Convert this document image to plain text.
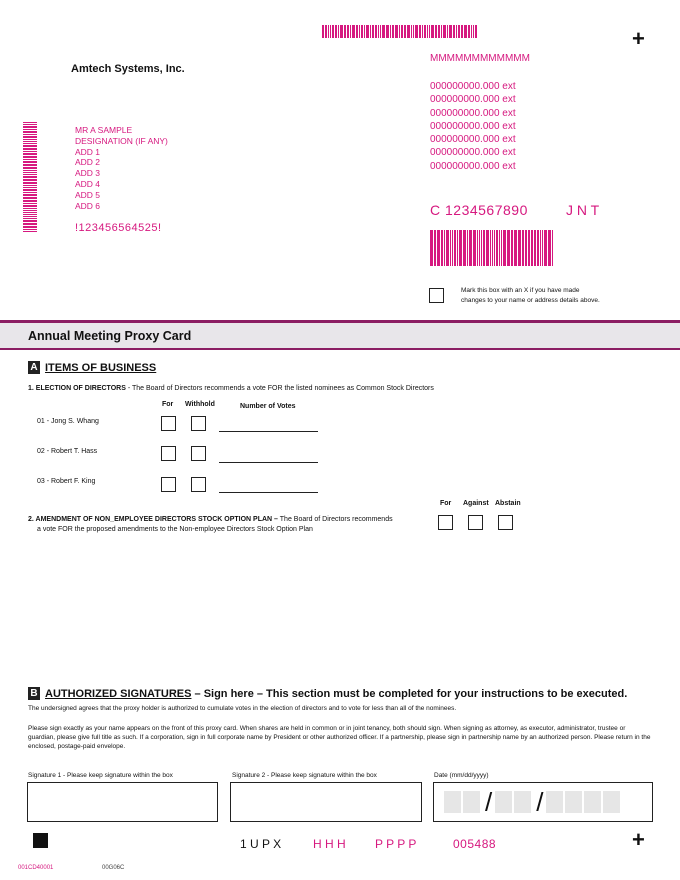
+
Amtech Systems, Inc.
MMMMMMMMMMMM
000000000.000 ext
000000000.000 ext
000000000.000 ext
000000000.000 ext
000000000.000 ext
000000000.000 ext
000000000.000 ext
MR A SAMPLE
DESIGNATION (IF ANY)
ADD 1
ADD 2
ADD 3
ADD 4
ADD 5
ADD 6
!123456564525!
C 1234567890	J N T
Mark this box with an X if you have made
changes to your name or address details above.
Annual Meeting Proxy Card
A ITEMS OF BUSINESS
1. ELECTION OF DIRECTORS - The Board of Directors recommends a vote FOR the listed nominees as Common Stock Directors
For Withhold	Number of Votes
01 - Jong S. Whang
02 - Robert T. Hass
03 - Robert F. King
For Against Abstain
2. AMENDMENT OF NON_EMPLOYEE DIRECTORS STOCK OPTION PLAN – The Board of Directors recommends
a vote FOR the proposed amendments to the Non-employee Directors Stock Option Plan
B AUTHORIZED SIGNATURES – Sign here – This section must be completed for your instructions to be executed.
The undersigned agrees that the proxy holder is authorized to cumulate votes in the election of directors and to vote for less than all of the nominees.
Please sign exactly as your name appears on the front of this proxy card. When shares are held in common or in joint tenancy, both should sign. When signing as attorney, as executor, administrator, trustee or guardian, please give full title as such. If a corporation, sign in full corporate name by President or other authorized officer. If a partnership, please sign in partnership name by an authorized person. Please return in the enclosed, postage-paid envelope.
Signature 1 - Please keep signature within the box	Signature 2 - Please keep signature within the box	Date (mm/dd/yyyy)
/ /
1 U P X	H H H P P P P	005488	+
001CD40001	00G06C
